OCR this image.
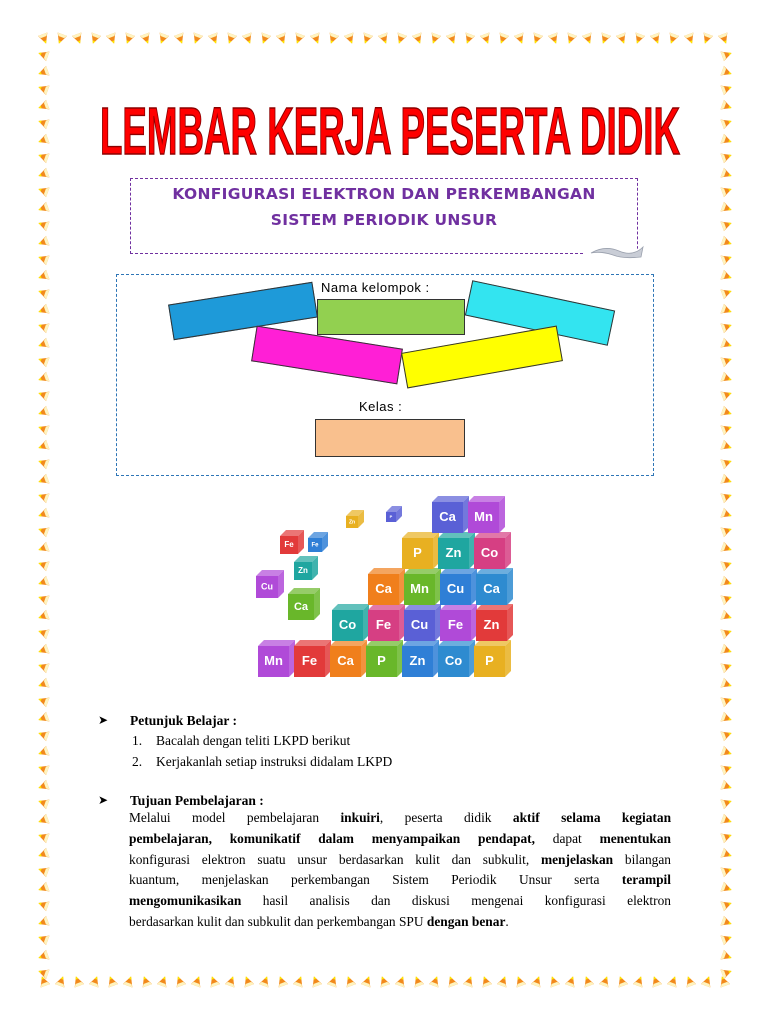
LEMBAR KERJA PESERTA DIDIK
KONFIGURASI ELEKTRON DAN PERKEMBANGAN
SISTEM PERIODIK UNSUR
Nama kelompok :
Kelas :
Mn Fe Ca P Zn Co P
Co Fe Cu Fe Zn
Ca Mn Cu Ca
P Zn Co
Ca Mn
Fe	Fe
Zn
Cu
Ca
Zn
P
➤ Petunjuk Belajar :
1. Bacalah dengan teliti LKPD berikut
2. Kerjakanlah setiap instruksi didalam LKPD
➤ Tujuan Pembelajaran :
Melalui model pembelajaran inkuiri, peserta didik aktif selama kegiatan
pembelajaran, komunikatif dalam menyampaikan pendapat, dapat menentukan
konfigurasi elektron suatu unsur berdasarkan kulit dan subkulit, menjelaskan bilangan
kuantum, menjelaskan perkembangan Sistem Periodik Unsur serta terampil
mengomunikasikan hasil analisis dan diskusi mengenai konfigurasi elektron
berdasarkan kulit dan subkulit dan perkembangan SPU dengan benar.
